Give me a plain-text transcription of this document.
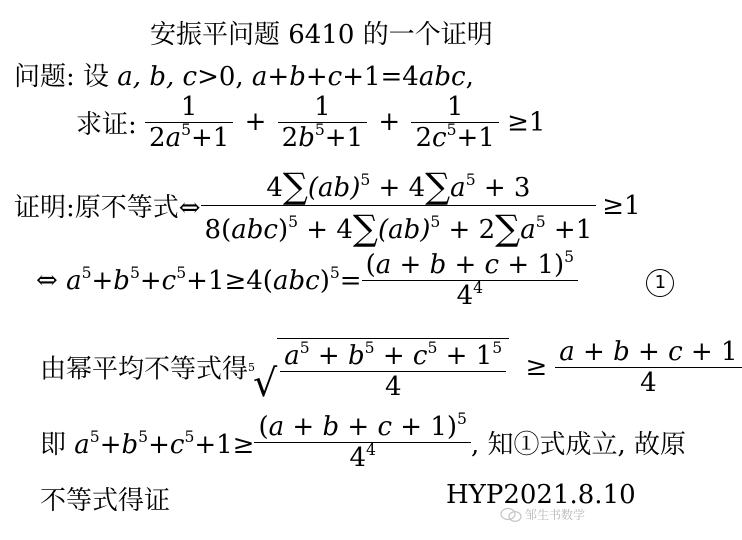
安振平问题 6410 的一个证明
问题: 设 a, b, c>0, a+b+c+1=4abc,
求证: $\frac{1}{2a^5+1} + \frac{1}{2b^5+1} + \frac{1}{2c^5+1} \ge 1$
证明:原不等式⇔ $\frac{4\sum(ab)^5 + 4\sum a^5 + 3}{8(abc)^5 + 4\sum(ab)^5 + 2\sum a^5 +1} \ge 1$
⇔ $a^5+b^5+c^5+1\ge 4(abc)^5= \frac{(a + b + c + 1)^5}{4^4}$	1
由幂平均不等式得 5
√ $\frac{a^5 + b^5 + c^5 + 1^5}{4} \ge \frac{a + b + c + 1}{4}$
即 $a^5+b^5+c^5+1\ge \frac{(a + b + c + 1)^5}{4^4}$ , 知①式成立, 故原
不等式得证	HYP2021.8.10
邹生书数学
